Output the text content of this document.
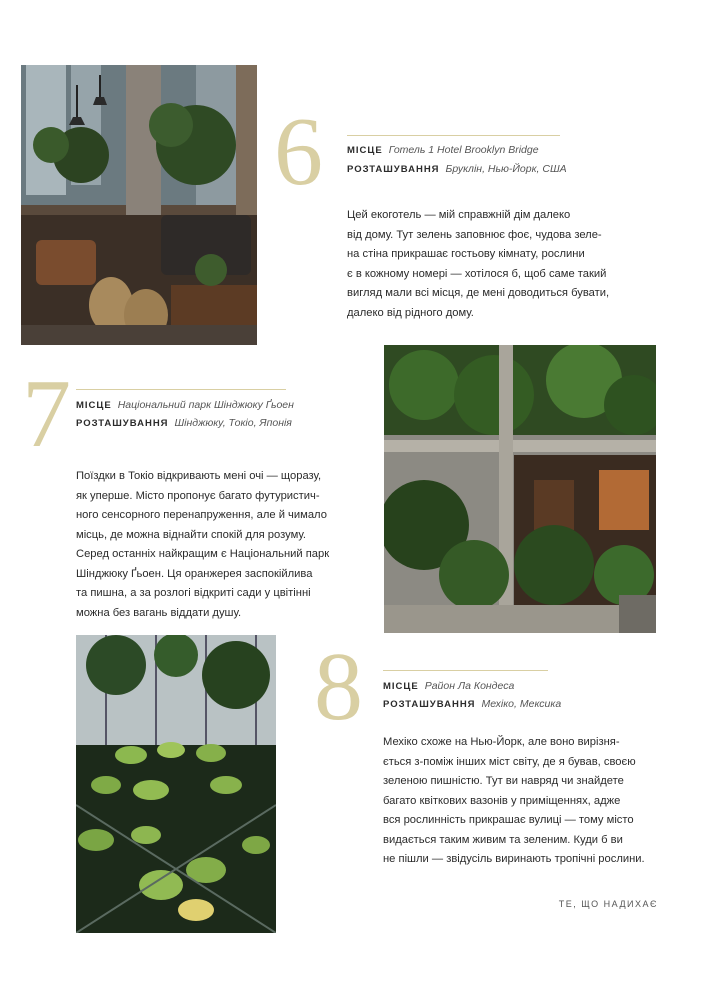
6	МІСЦЕ Готель 1 Hotel Brooklyn Bridge
РОЗТАШУВАННЯ Бруклін, Нью-Йорк, США
Цей екоготель — мій справжній дім далеко
від дому. Тут зелень заповнює фоє, чудова зеле-
на стіна прикрашає гостьову кімнату, рослини
є в кожному номері — хотілося б, щоб саме такий
вигляд мали всі місця, де мені доводиться бувати,
далеко від рідного дому.
7 МІСЦЕ Національний парк Шінджюку Ґьоен
РОЗТАШУВАННЯ Шінджюку, Токіо, Японія
Поїздки в Токіо відкривають мені очі — щоразу,
як уперше. Місто пропонує багато футуристич-
ного сенсорного перенапруження, але й чимало
місць, де можна віднайти спокій для розуму.
Серед останніх найкращим є Національний парк
Шінджюку Ґьоен. Ця оранжерея заспокійлива
та пишна, а за розлогі відкриті сади у цвітінні
можна без вагань віддати душу.
8 МІСЦЕ Район Ла Кондеса
РОЗТАШУВАННЯ Мехіко, Мексика
Мехіко схоже на Нью-Йорк, але воно вирізня-
ється з-поміж інших міст світу, де я бував, своєю
зеленою пишністю. Тут ви навряд чи знайдете
багато квіткових вазонів у приміщеннях, адже
вся рослинність прикрашає вулиці — тому місто
видається таким живим та зеленим. Куди б ви
не пішли — звідусіль виринають тропічні рослини.
ТЕ, ЩО НАДИХАЄ
